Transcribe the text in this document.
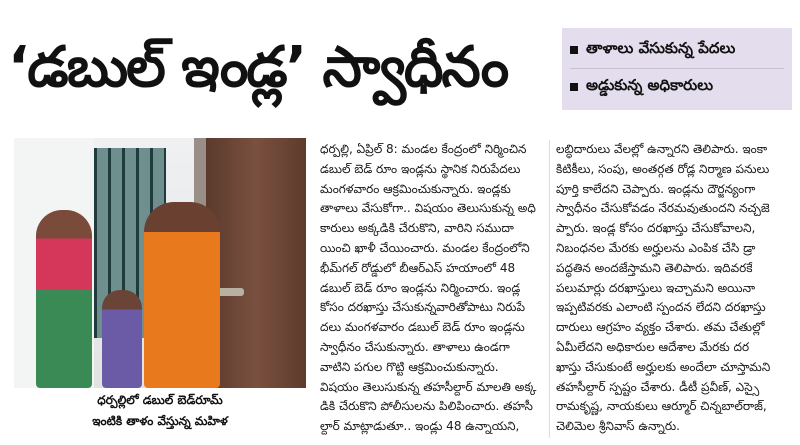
‘డబుల్ ఇండ్ల’ స్వాధీనం	తాళాలు వేసుకున్న పేదలు
అడ్డుకున్న అధికారులు
ధర్పల్లిలో డబుల్ బెడ్‌రూమ్
ఇంటికి తాళం వేస్తున్న మహిళ
ధర్పల్లి, ఏప్రిల్ 8: మండల కేంద్రంలో నిర్మించిన
డబుల్ బెడ్ రూం ఇండ్లను స్థానిక నిరుపేదలు
మంగళవారం ఆక్రమించుకున్నారు. ఇండ్లకు
తాళాలు వేసుకోగా.. విషయం తెలుసుకున్న అధి
కారులు అక్కడికి చేరుకొని, వారిని సముదా
యించి ఖాళీ చేయించారు. మండల కేంద్రంలోని
భీమ్‌గల్ రోడ్డులో బీఆర్ఎస్ హయాంలో 48
డబుల్ బెడ్ రూం ఇండ్లను నిర్మించారు. ఇండ్ల
కోసం దరఖాస్తు చేసుకున్నవారితోపాటు నిరుపే
దలు మంగళవారం డబుల్ బెడ్ రూం ఇండ్లను
స్వాధీనం చేసుకున్నారు. తాళాలు ఉండగా
వాటిని పగుల గొట్టి ఆక్రమించుకున్నారు.
విషయం తెలుసుకున్న తహసీల్దార్ మాలతి అక్క
డికి చేరుకొని పోలీసులను పిలిపించారు. తహసీ
ల్దార్ మాట్లాడుతూ.. ఇండ్లు 48 ఉన్నాయని,
లబ్ధిదారులు వేలల్లో ఉన్నారని తెలిపారు. ఇంకా
కిటికీలు, సంపు, అంతర్గత రోడ్ల నిర్మాణ పనులు
పూర్తి కాలేదని చెప్పారు. ఇండ్లను దౌర్జన్యంగా
స్వాధీనం చేసుకోవడం నేరమవుతుందని నచ్చజె
ప్పారు. ఇండ్ల కోసం దరఖాస్తు చేసుకోవాలని,
నిబంధనల మేరకు అర్హులను ఎంపిక చేసి డ్రా
పద్ధతిన అందజేస్తామని తెలిపారు. ఇదివరకే
పలుమార్లు దరఖాస్తులు ఇచ్చామని అయినా
ఇప్పటివరకు ఎలాంటి స్పందన లేదని దరఖాస్తు
దారులు ఆగ్రహం వ్యక్తం చేశారు. తమ చేతుల్లో
ఏమీలేదని అధికారుల ఆదేశాల మేరకు దర
ఖాస్తు చేసుకుంటే అర్హులకు అందేలా చూస్తామని
తహసీల్దార్ స్పష్టం చేశారు. డీటీ ప్రవీణ్, ఎస్సై
రామకృష్ణ, నాయకులు ఆర్మూర్ చిన్నబాల్‌రాజ్,
చెలిమెల శ్రీనివాస్ ఉన్నారు.
